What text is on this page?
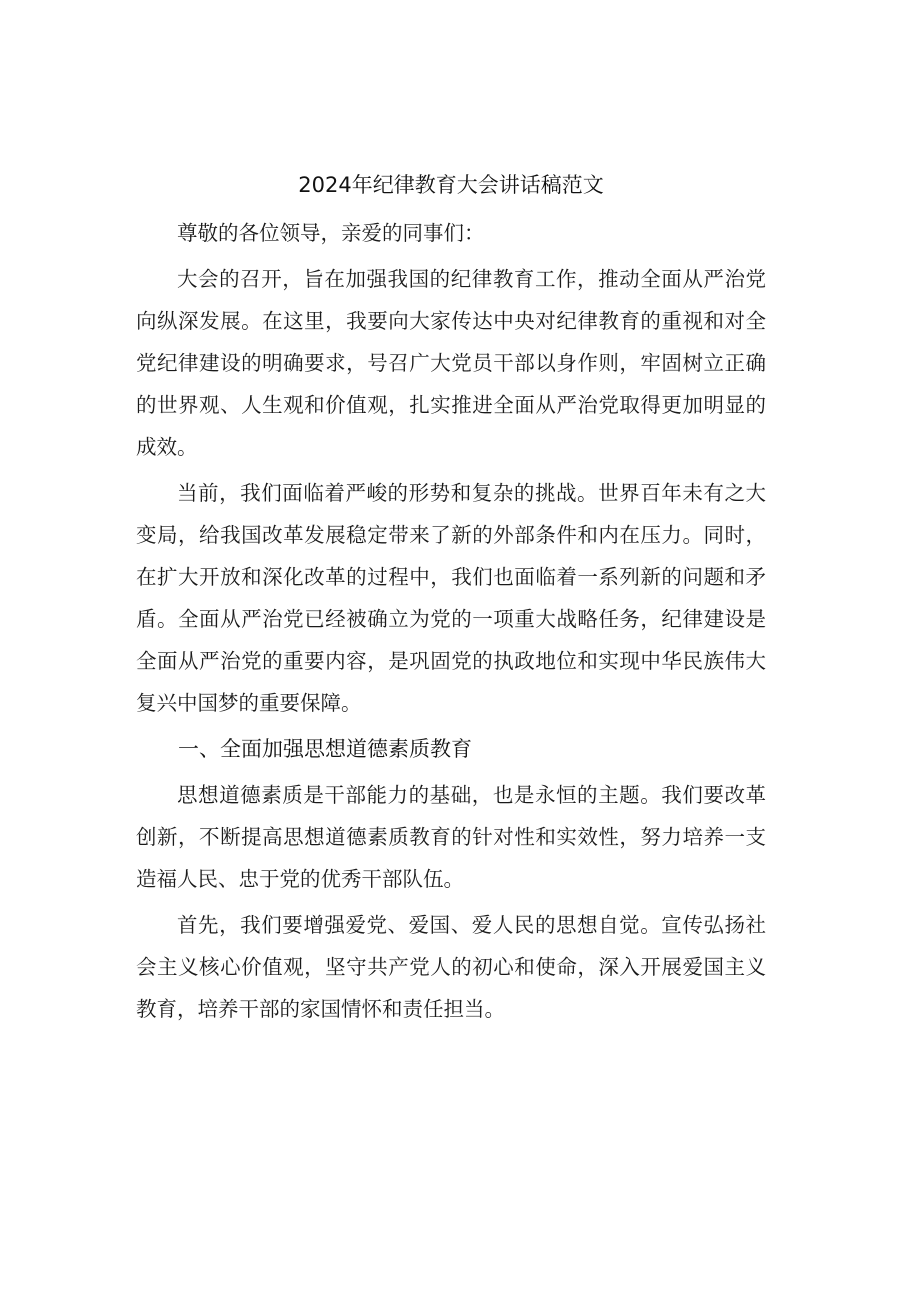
2024年纪律教育大会讲话稿范文

尊敬的各位领导，亲爱的同事们：

大会的召开，旨在加强我国的纪律教育工作，推动全面从严治党向纵深发展。在这里，我要向大家传达中央对纪律教育的重视和对全党纪律建设的明确要求，号召广大党员干部以身作则，牢固树立正确的世界观、人生观和价值观，扎实推进全面从严治党取得更加明显的成效。

当前，我们面临着严峻的形势和复杂的挑战。世界百年未有之大变局，给我国改革发展稳定带来了新的外部条件和内在压力。同时，在扩大开放和深化改革的过程中，我们也面临着一系列新的问题和矛盾。全面从严治党已经被确立为党的一项重大战略任务，纪律建设是全面从严治党的重要内容，是巩固党的执政地位和实现中华民族伟大复兴中国梦的重要保障。

一、全面加强思想道德素质教育

思想道德素质是干部能力的基础，也是永恒的主题。我们要改革创新，不断提高思想道德素质教育的针对性和实效性，努力培养一支造福人民、忠于党的优秀干部队伍。

首先，我们要增强爱党、爱国、爱人民的思想自觉。宣传弘扬社会主义核心价值观，坚守共产党人的初心和使命，深入开展爱国主义教育，培养干部的家国情怀和责任担当。
